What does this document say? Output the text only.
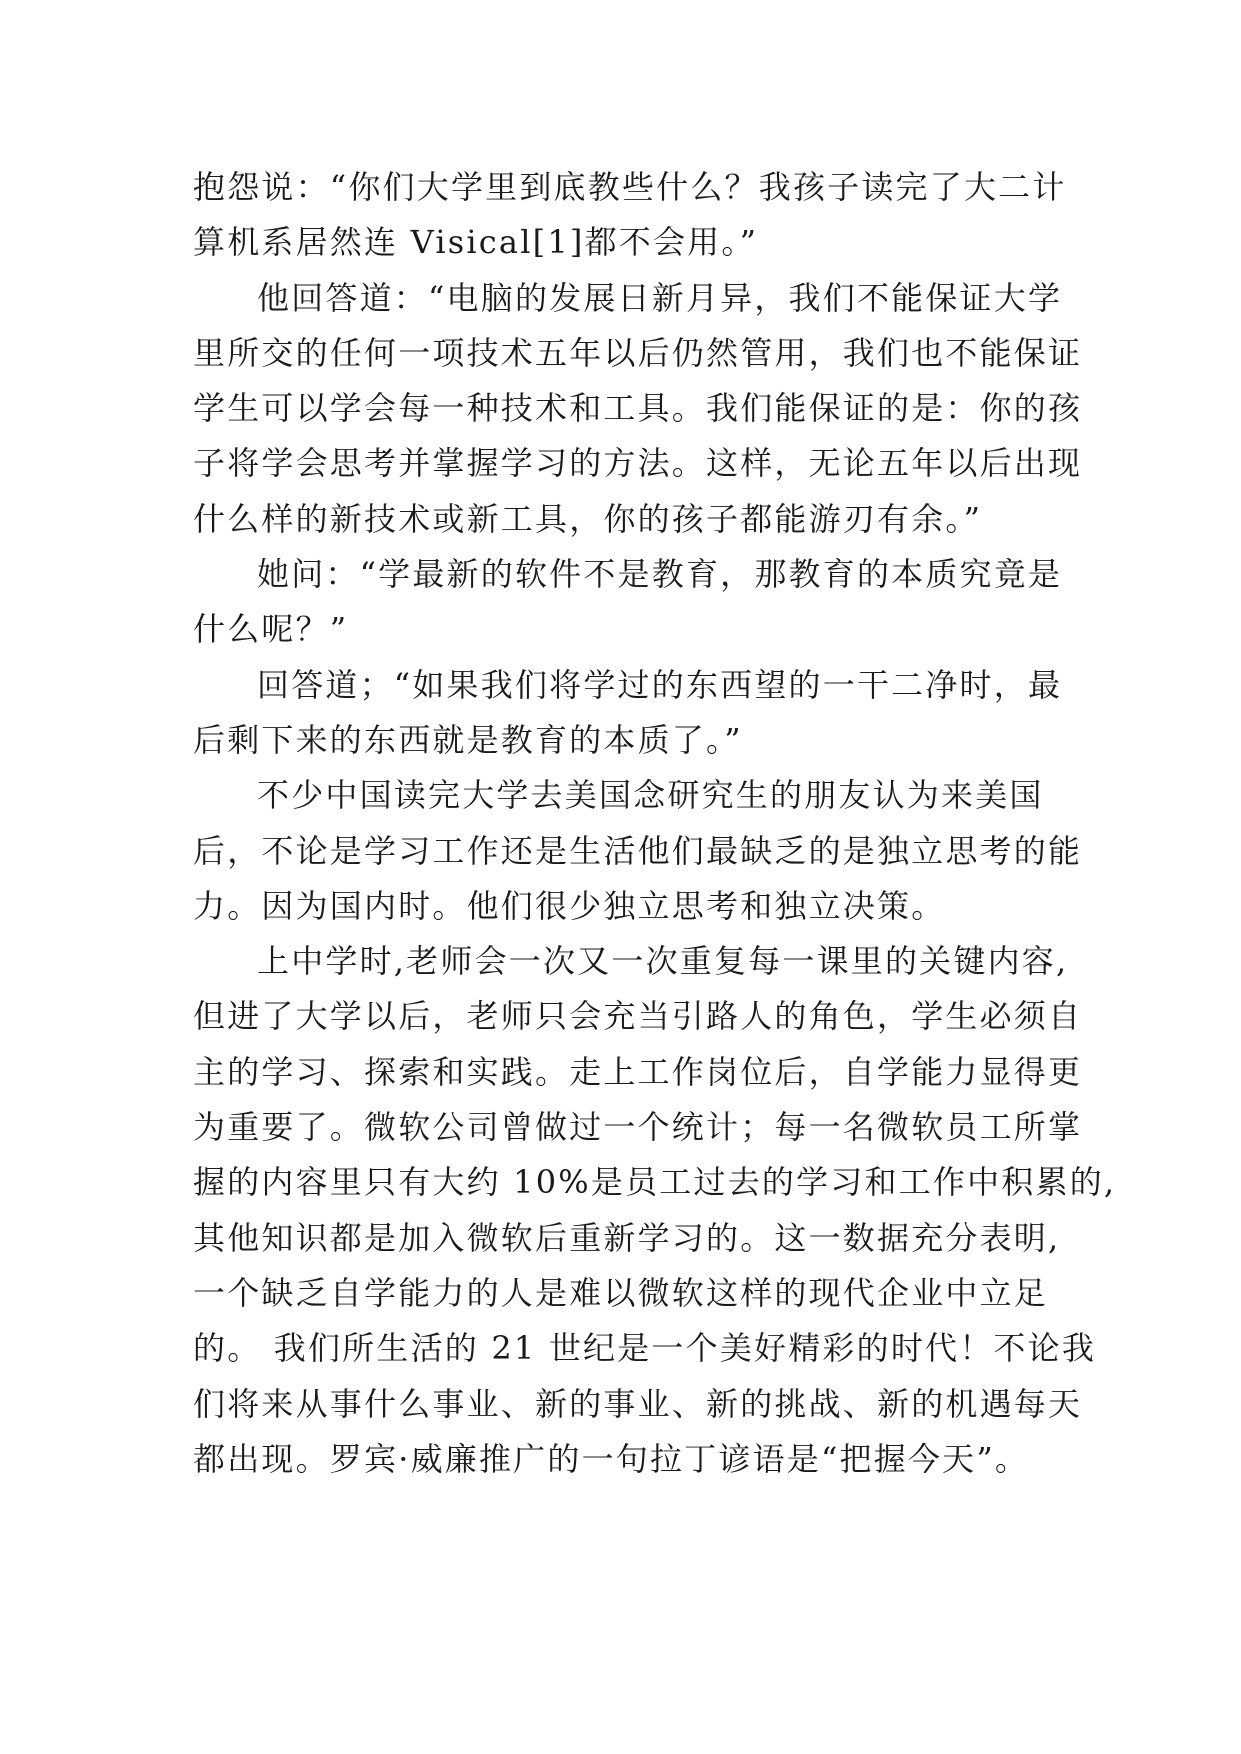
抱怨说：“你们大学里到底教些什么？我孩子读完了大二计
算机系居然连 Visical[1]都不会用。”
他回答道：“电脑的发展日新月异，我们不能保证大学
里所交的任何一项技术五年以后仍然管用，我们也不能保证
学生可以学会每一种技术和工具。我们能保证的是：你的孩
子将学会思考并掌握学习的方法。这样，无论五年以后出现
什么样的新技术或新工具，你的孩子都能游刃有余。”
她问：“学最新的软件不是教育，那教育的本质究竟是
什么呢？”
回答道；“如果我们将学过的东西望的一干二净时，最
后剩下来的东西就是教育的本质了。”
不少中国读完大学去美国念研究生的朋友认为来美国
后，不论是学习工作还是生活他们最缺乏的是独立思考的能
力。因为国内时。他们很少独立思考和独立决策。
上中学时,老师会一次又一次重复每一课里的关键内容,
但进了大学以后，老师只会充当引路人的角色，学生必须自
主的学习、探索和实践。走上工作岗位后，自学能力显得更
为重要了。微软公司曾做过一个统计；每一名微软员工所掌
握的内容里只有大约 10%是员工过去的学习和工作中积累的,
其他知识都是加入微软后重新学习的。这一数据充分表明,
一个缺乏自学能力的人是难以微软这样的现代企业中立足
的。 我们所生活的 21 世纪是一个美好精彩的时代！不论我
们将来从事什么事业、新的事业、新的挑战、新的机遇每天
都出现。罗宾·威廉推广的一句拉丁谚语是“把握今天”。
